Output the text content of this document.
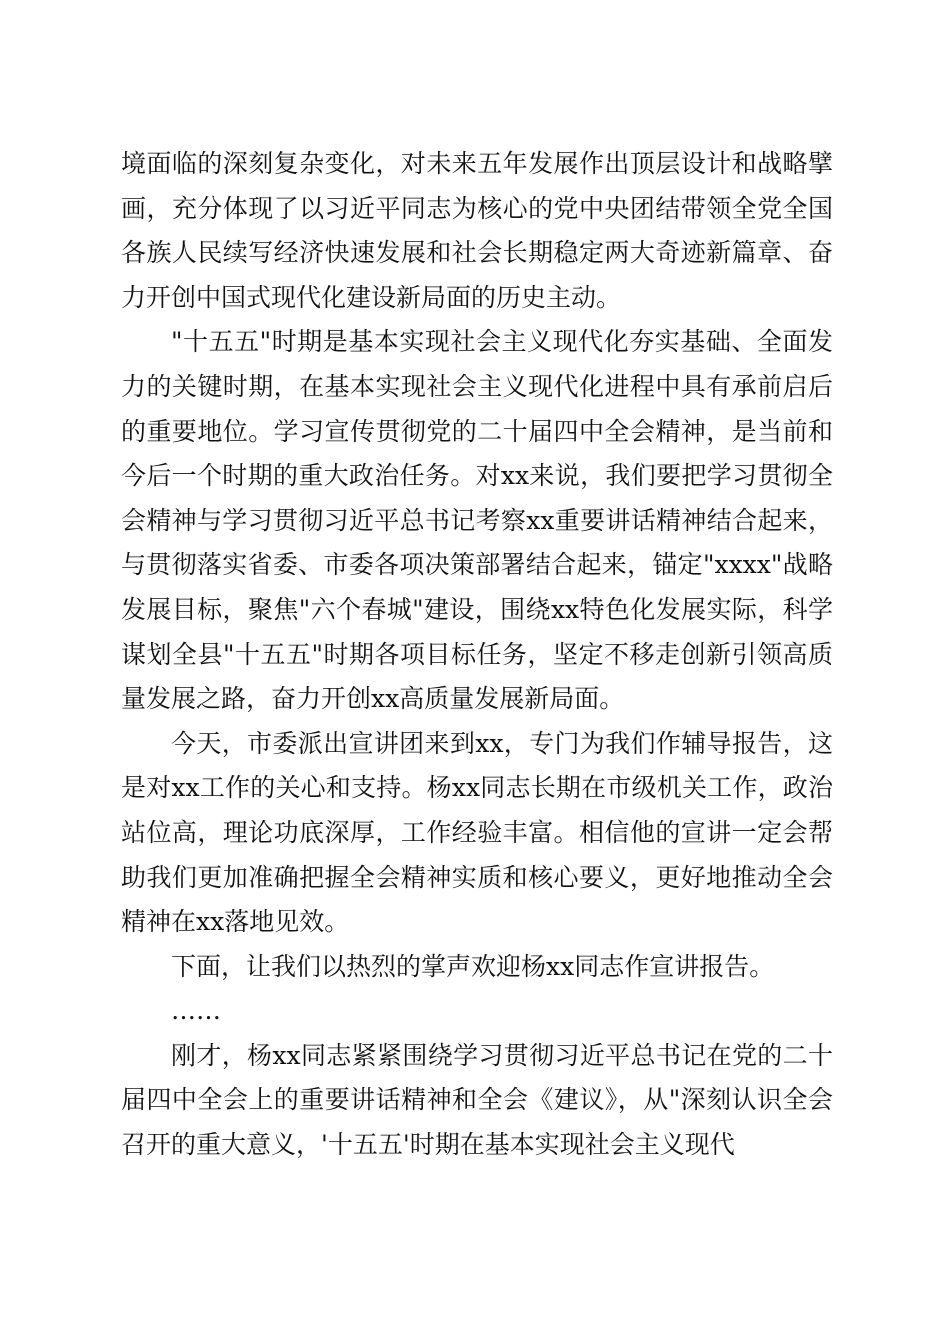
境面临的深刻复杂变化，对未来五年发展作出顶层设计和战略擘画，充分体现了以习近平同志为核心的党中央团结带领全党全国各族人民续写经济快速发展和社会长期稳定两大奇迹新篇章、奋力开创中国式现代化建设新局面的历史主动。

"十五五"时期是基本实现社会主义现代化夯实基础、全面发力的关键时期，在基本实现社会主义现代化进程中具有承前启后的重要地位。学习宣传贯彻党的二十届四中全会精神，是当前和今后一个时期的重大政治任务。对xx来说，我们要把学习贯彻全会精神与学习贯彻习近平总书记考察xx重要讲话精神结合起来，与贯彻落实省委、市委各项决策部署结合起来，锚定"xxxx"战略发展目标，聚焦"六个春城"建设，围绕xx特色化发展实际，科学谋划全县"十五五"时期各项目标任务，坚定不移走创新引领高质量发展之路，奋力开创xx高质量发展新局面。

今天，市委派出宣讲团来到xx，专门为我们作辅导报告，这是对xx工作的关心和支持。杨xx同志长期在市级机关工作，政治站位高，理论功底深厚，工作经验丰富。相信他的宣讲一定会帮助我们更加准确把握全会精神实质和核心要义，更好地推动全会精神在xx落地见效。

下面，让我们以热烈的掌声欢迎杨xx同志作宣讲报告。

……

刚才，杨xx同志紧紧围绕学习贯彻习近平总书记在党的二十届四中全会上的重要讲话精神和全会《建议》，从"深刻认识全会召开的重大意义，'十五五'时期在基本实现社会主义现代
